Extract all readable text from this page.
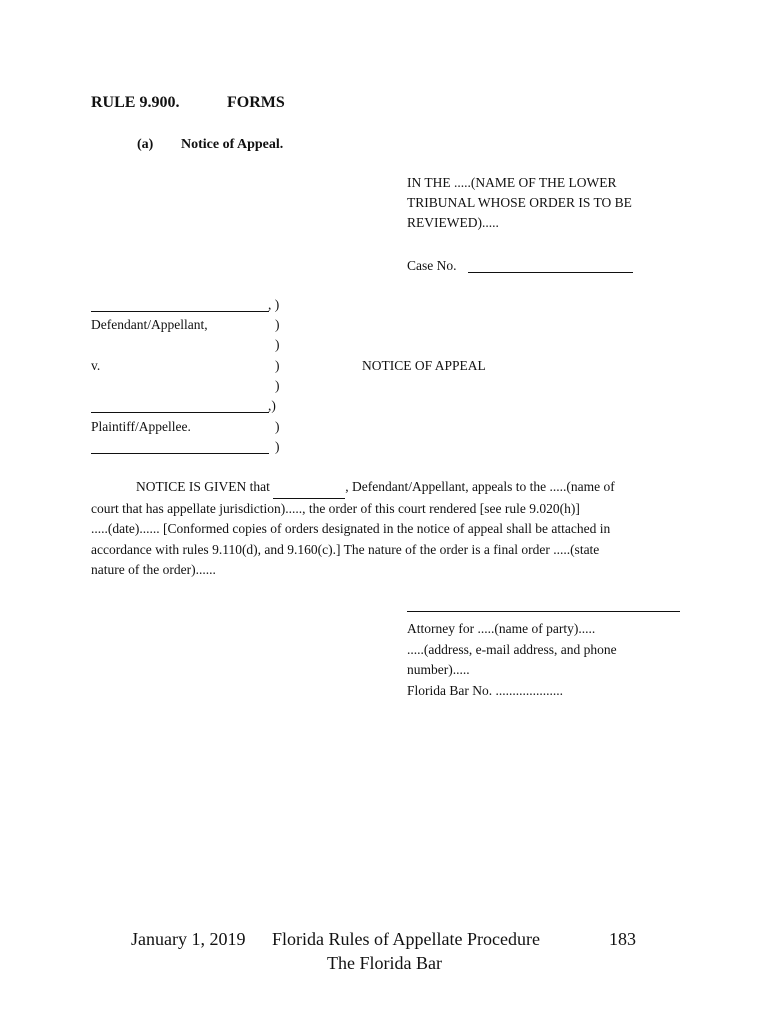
RULE 9.900.	FORMS
(a) Notice of Appeal.
IN THE .....(NAME OF THE LOWER
TRIBUNAL WHOSE ORDER IS TO BE
REVIEWED).....
Case No.
, )
Defendant/Appellant,	)
)
v.	)
)
,)
Plaintiff/Appellee.	)
)
NOTICE OF APPEAL

NOTICE IS GIVEN that	, Defendant/Appellant, appeals to the .....(name of

court that has appellate jurisdiction)....., the order of this court rendered [see rule 9.020(h)]
.....(date)...... [Conformed copies of orders designated in the notice of appeal shall be attached in
accordance with rules 9.110(d), and 9.160(c).] The nature of the order is a final order .....(state
nature of the order)......
Attorney for .....(name of party).....
.....(address, e-mail address, and phone
number).....
Florida Bar No. ....................
January 1, 2019 Florida Rules of Appellate Procedure	183
The Florida Bar
